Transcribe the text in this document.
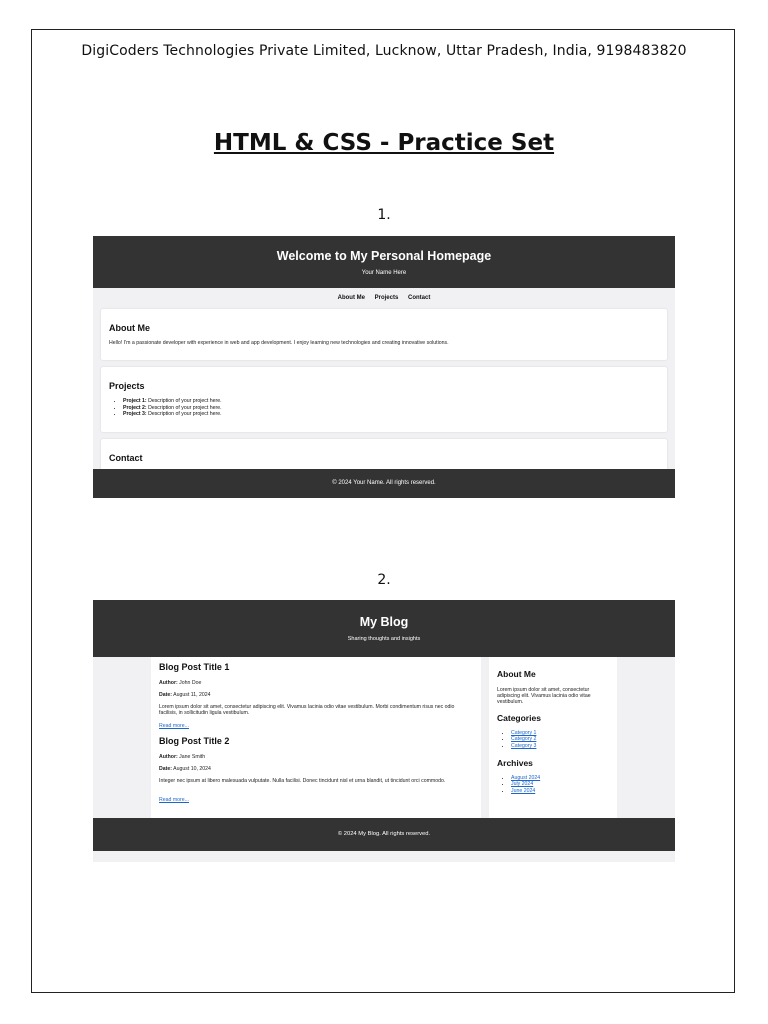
DigiCoders Technologies Private Limited, Lucknow, Uttar Pradesh, India, 9198483820
HTML & CSS - Practice Set
1.
Welcome to My Personal Homepage
Your Name Here
About Me Projects Contact
About Me
Hello! I'm a passionate developer with experience in web and app development. I enjoy learning new technologies and creating innovative solutions.
Projects
• Project 1: Description of your project here.
• Project 2: Description of your project here.
• Project 3: Description of your project here.
Contact
© 2024 Your Name. All rights reserved.
2.
My Blog
Sharing thoughts and insights
Blog Post Title 1
Author: John Doe
Date: August 11, 2024
Lorem ipsum dolor sit amet, consectetur adipiscing elit. Vivamus lacinia odio vitae vestibulum. Morbi condimentum risus nec odio facilisis, in sollicitudin ligula vestibulum.
Read more...
Blog Post Title 2
Author: Jane Smith
Date: August 10, 2024
Integer nec ipsum at libero malesuada vulputate. Nulla facilisi. Donec tincidunt nisl et urna blandit, ut tincidunt orci commodo.
Read more...
About Me
Lorem ipsum dolor sit amet, consectetur adipiscing elit. Vivamus lacinia odio vitae vestibulum.
Categories
• Category 1
• Category 2
• Category 3
Archives
• August 2024
• July 2024
• June 2024
© 2024 My Blog. All rights reserved.
